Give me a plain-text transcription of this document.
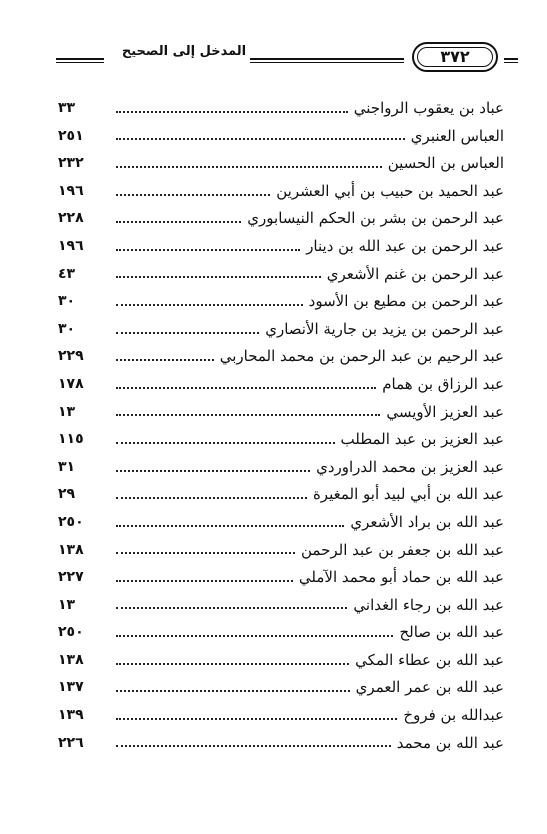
المدخل إلى الصحيح	٣٧٢
عباد بن يعقوب الرواجني
٣٣
العباس العنبري
٢٥١
العباس بن الحسين
٢٣٢
عبد الحميد بن حبيب بن أبي العشرين
١٩٦
عبد الرحمن بن بشر بن الحكم النيسابوري
٢٢٨
عبد الرحمن بن عبد الله بن دينار
١٩٦
عبد الرحمن بن غنم الأشعري
٤٣
عبد الرحمن بن مطيع بن الأسود
٣٠
عبد الرحمن بن يزيد بن جارية الأنصاري
٣٠
عبد الرحيم بن عبد الرحمن بن محمد المحاربي
٢٢٩
عبد الرزاق بن همام
١٧٨
عبد العزيز الأويسي
١٣
عبد العزيز بن عبد المطلب
١١٥
عبد العزيز بن محمد الدراوردي
٣١
عبد الله بن أبي لبيد أبو المغيرة
٢٩
عبد الله بن براد الأشعري
٢٥٠
عبد الله بن جعفر بن عبد الرحمن
١٣٨
عبد الله بن حماد أبو محمد الآملي
٢٢٧
عبد الله بن رجاء الغداني
١٣
عبد الله بن صالح
٢٥٠
عبد الله بن عطاء المكي
١٣٨
عبد الله بن عمر العمري
١٣٧
عبدالله بن فروخ
١٣٩
عبد الله بن محمد
٢٢٦
